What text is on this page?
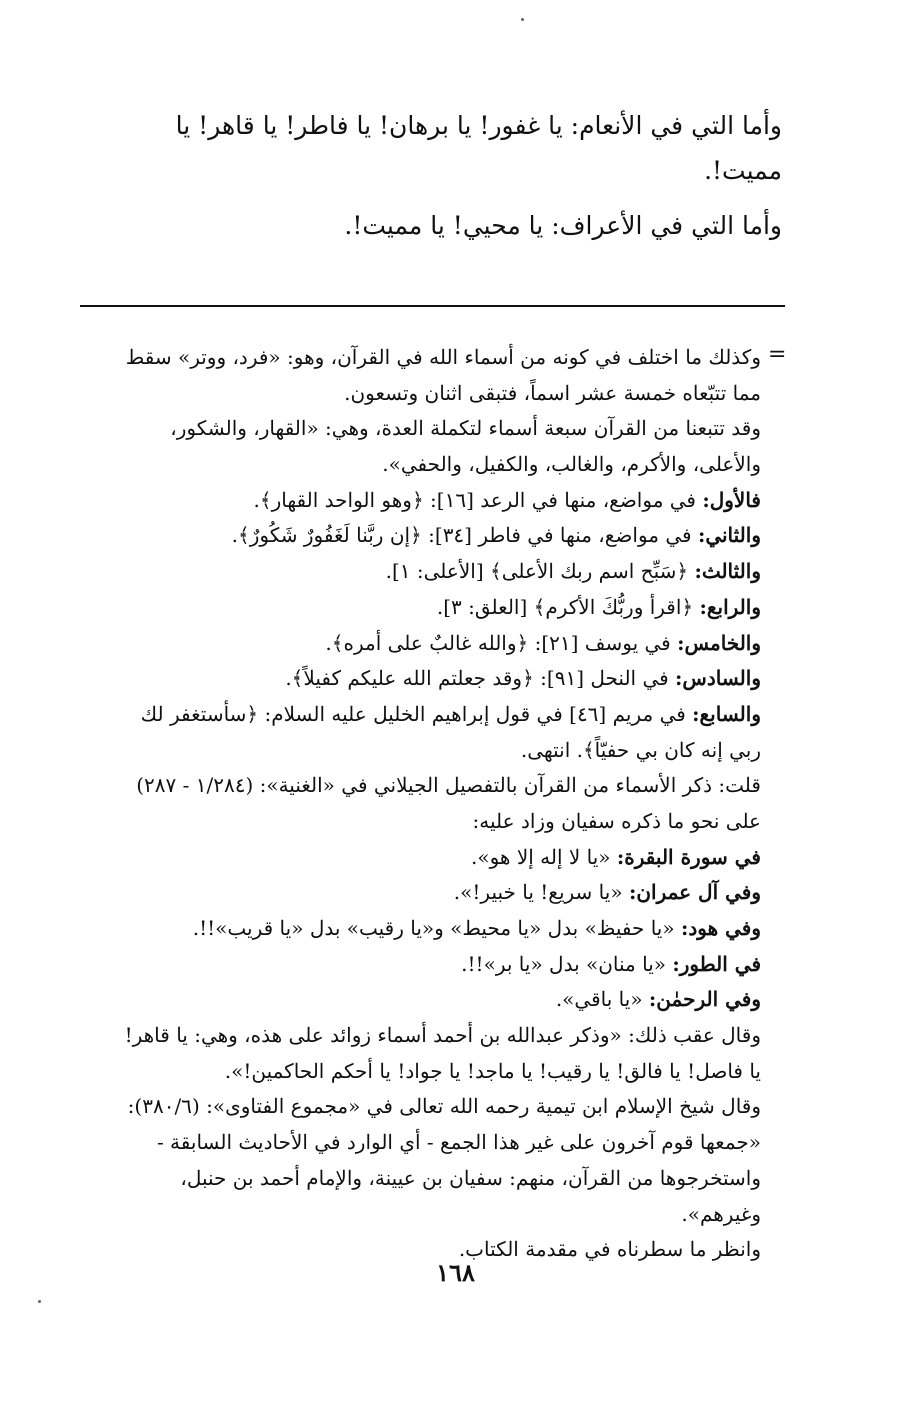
وأما التي في الأنعام: يا غفور! يا برهان! يا فاطر! يا قاهر! يا
مميت!.
وأما التي في الأعراف: يا محيي! يا مميت!.
=

وكذلك ما اختلف في كونه من أسماء الله في القرآن، وهو: «فرد، ووتر» سقط

مما تتبّعاه خمسة عشر اسماً، فتبقى اثنان وتسعون.

وقد تتبعنا من القرآن سبعة أسماء لتكملة العدة، وهي: «القهار، والشكور،

والأعلى، والأكرم، والغالب، والكفيل، والحفي».

فالأول: في مواضع، منها في الرعد [١٦]: ﴿وهو الواحد القهار﴾.

والثاني: في مواضع، منها في فاطر [٣٤]: ﴿إن ربَّنا لَغَفُورٌ شَكُورٌ﴾.

والثالث: ﴿سَبِّح اسم ربك الأعلى﴾ [الأعلى: ١].

والرابع: ﴿اقرأ وربُّكَ الأكرم﴾ [العلق: ٣].

والخامس: في يوسف [٢١]: ﴿والله غالبٌ على أمره﴾.

والسادس: في النحل [٩١]: ﴿وقد جعلتم الله عليكم كفيلاً﴾.

والسابع: في مريم [٤٦] في قول إبراهيم الخليل عليه السلام: ﴿سأستغفر لك

ربي إنه كان بي حفيّاً﴾. انتهى.

قلت: ذكر الأسماء من القرآن بالتفصيل الجيلاني في «الغنية»: (١/٢٨٤ - ٢٨٧)

على نحو ما ذكره سفيان وزاد عليه:

في سورة البقرة: «يا لا إله إلا هو».

وفي آل عمران: «يا سريع! يا خبير!».

وفي هود: «يا حفيظ» بدل «يا محيط» و«يا رقيب» بدل «يا قريب»!!.

في الطور: «يا منان» بدل «يا بر»!!.

وفي الرحمٰن: «يا باقي».

وقال عقب ذلك: «وذكر عبدالله بن أحمد أسماء زوائد على هذه، وهي: يا قاهر!

يا فاصل! يا فالق! يا رقيب! يا ماجد! يا جواد! يا أحكم الحاكمين!».

وقال شيخ الإسلام ابن تيمية رحمه الله تعالى في «مجموع الفتاوى»: (٣٨٠/٦):

«جمعها قوم آخرون على غير هذا الجمع - أي الوارد في الأحاديث السابقة -

واستخرجوها من القرآن، منهم: سفيان بن عيينة، والإمام أحمد بن حنبل،

وغيرهم».

وانظر ما سطرناه في مقدمة الكتاب.

١٦٨
